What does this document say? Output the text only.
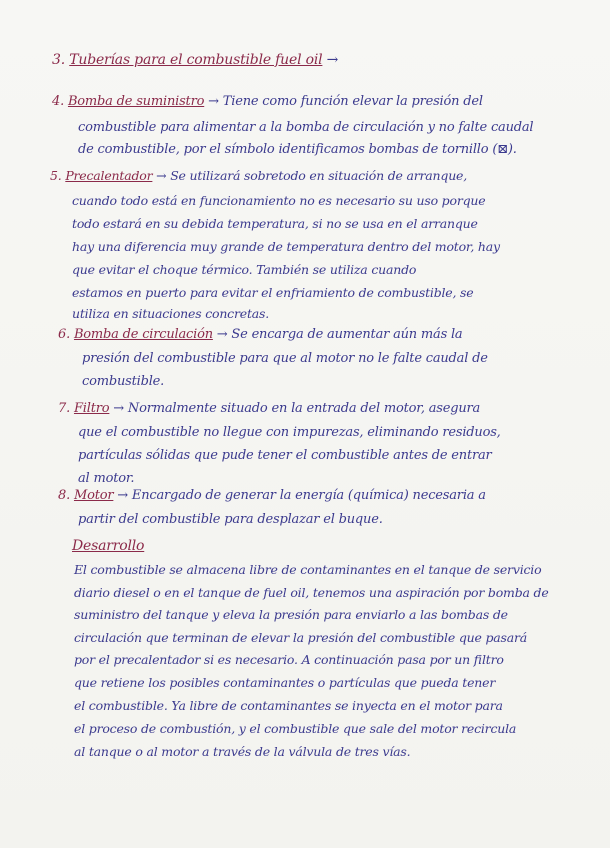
3. Tuberías para el combustible fuel oil →
4. Bomba de suministro → Tiene como función elevar la presión del
combustible para alimentar a la bomba de circulación y no falte caudal
de combustible, por el símbolo identificamos bombas de tornillo (⊠).
5. Precalentador → Se utilizará sobretodo en situación de arranque,
cuando todo está en funcionamiento no es necesario su uso porque
todo estará en su debida temperatura, si no se usa en el arranque
hay una diferencia muy grande de temperatura dentro del motor, hay
que evitar el choque térmico. También se utiliza cuando
estamos en puerto para evitar el enfriamiento de combustible, se
utiliza en situaciones concretas.
6. Bomba de circulación → Se encarga de aumentar aún más la
presión del combustible para que al motor no le falte caudal de
combustible.
7. Filtro → Normalmente situado en la entrada del motor, asegura
que el combustible no llegue con impurezas, eliminando residuos,
partículas sólidas que pude tener el combustible antes de entrar
al motor.
8. Motor → Encargado de generar la energía (química) necesaria a
partir del combustible para desplazar el buque.
Desarrollo
El combustible se almacena libre de contaminantes en el tanque de servicio
diario diesel o en el tanque de fuel oil, tenemos una aspiración por bomba de
suministro del tanque y eleva la presión para enviarlo a las bombas de
circulación que terminan de elevar la presión del combustible que pasará
por el precalentador si es necesario. A continuación pasa por un filtro
que retiene los posibles contaminantes o partículas que pueda tener
el combustible. Ya libre de contaminantes se inyecta en el motor para
el proceso de combustión, y el combustible que sale del motor recircula
al tanque o al motor a través de la válvula de tres vías.
